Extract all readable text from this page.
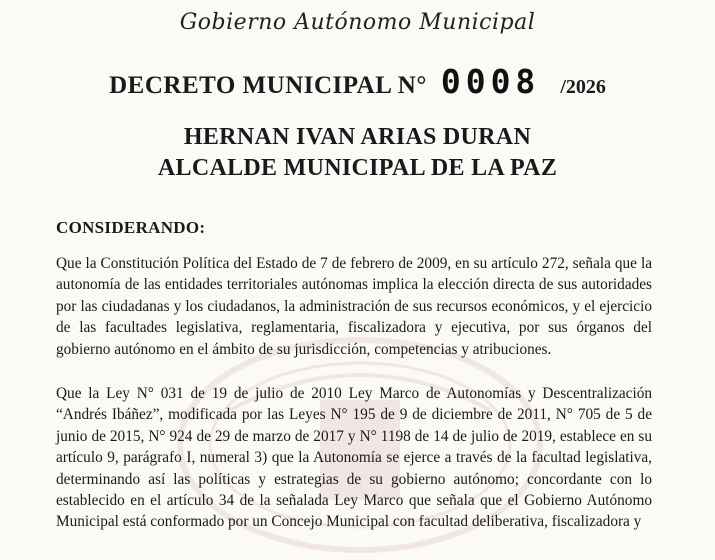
Gobierno Autónomo Municipal
DECRETO MUNICIPAL N° 0008 /2026
HERNAN IVAN ARIAS DURAN
ALCALDE MUNICIPAL DE LA PAZ
CONSIDERANDO:

Que la Constitución Política del Estado de 7 de febrero de 2009, en su artículo 272, señala que la autonomía de las entidades territoriales autónomas implica la elección directa de sus autoridades por las ciudadanas y los ciudadanos, la administración de sus recursos económicos, y el ejercicio de las facultades legislativa, reglamentaria, fiscalizadora y ejecutiva, por sus órganos del gobierno autónomo en el ámbito de su jurisdicción, competencias y atribuciones.

Que la Ley N° 031 de 19 de julio de 2010 Ley Marco de Autonomías y Descentralización “Andrés Ibáñez”, modificada por las Leyes N° 195 de 9 de diciembre de 2011, N° 705 de 5 de junio de 2015, N° 924 de 29 de marzo de 2017 y N° 1198 de 14 de julio de 2019, establece en su artículo 9, parágrafo I, numeral 3) que la Autonomía se ejerce a través de la facultad legislativa, determinando así las políticas y estrategias de su gobierno autónomo; concordante con lo establecido en el artículo 34 de la señalada Ley Marco que señala que el Gobierno Autónomo Municipal está conformado por un Concejo Municipal con facultad deliberativa, fiscalizadora y
